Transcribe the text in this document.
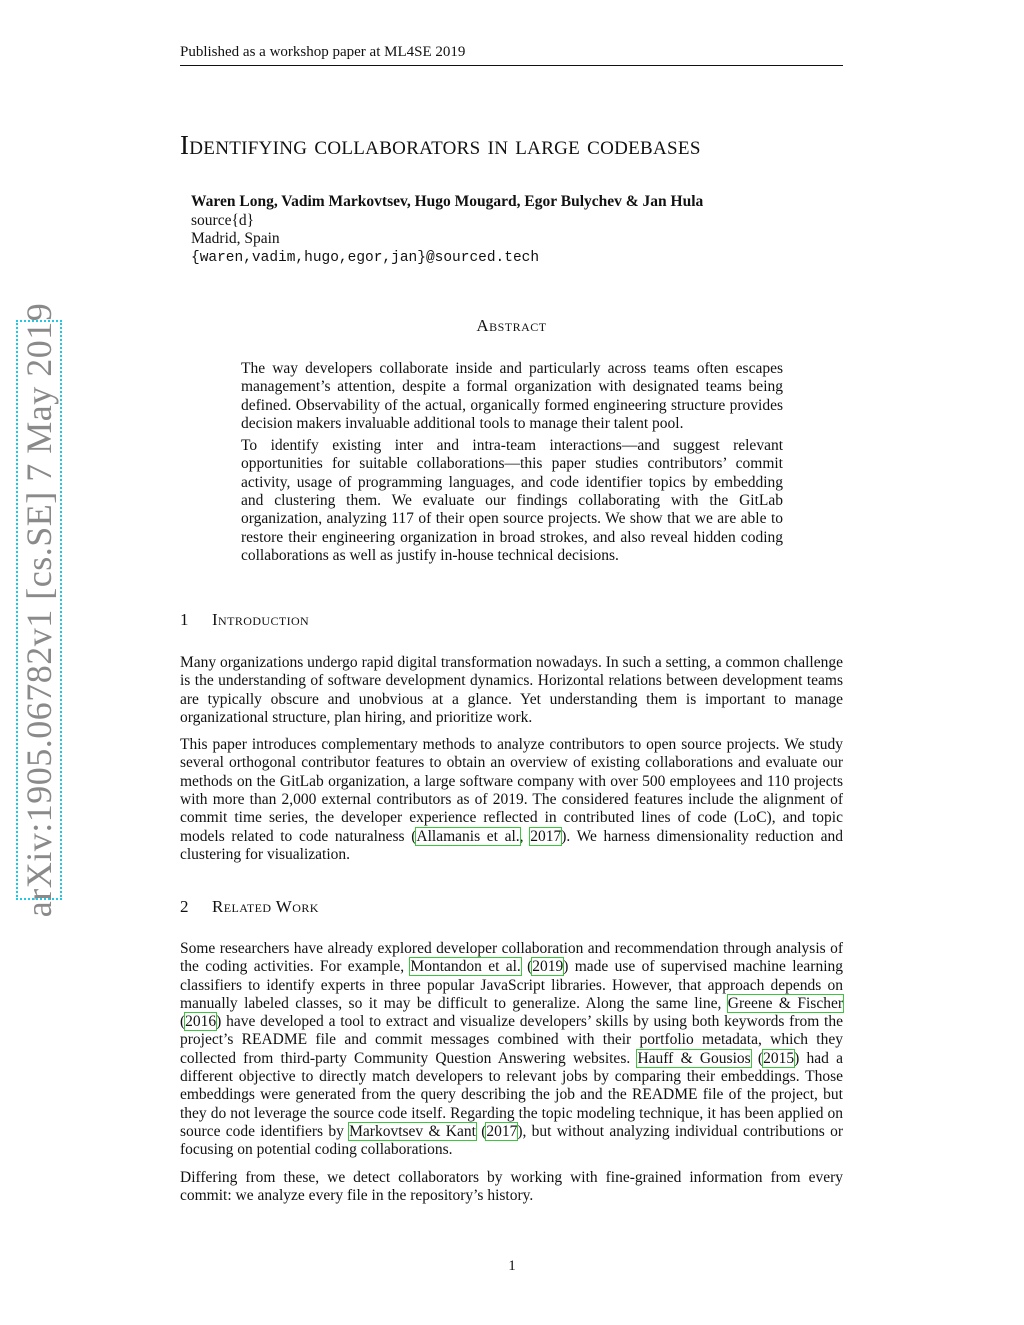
Published as a workshop paper at ML4SE 2019
arXiv:1905.06782v1 [cs.SE] 7 May 2019
Identifying collaborators in large codebases
Waren Long, Vadim Markovtsev, Hugo Mougard, Egor Bulychev & Jan Hula
source{d}
Madrid, Spain
{waren,vadim,hugo,egor,jan}@sourced.tech
Abstract

The way developers collaborate inside and particularly across teams often escapes management’s attention, despite a formal organization with designated teams being defined. Observability of the actual, organically formed engineering structure provides decision makers invaluable additional tools to manage their talent pool.

To identify existing inter and intra-team interactions—and suggest relevant opportunities for suitable collaborations—this paper studies contributors’ commit activity, usage of programming languages, and code identifier topics by embedding and clustering them. We evaluate our findings collaborating with the GitLab organization, analyzing 117 of their open source projects. We show that we are able to restore their engineering organization in broad strokes, and also reveal hidden coding collaborations as well as justify in-house technical decisions.

1 Introduction

Many organizations undergo rapid digital transformation nowadays. In such a setting, a common challenge is the understanding of software development dynamics. Horizontal relations between development teams are typically obscure and unobvious at a glance. Yet understanding them is important to manage organizational structure, plan hiring, and prioritize work.

This paper introduces complementary methods to analyze contributors to open source projects. We study several orthogonal contributor features to obtain an overview of existing collaborations and evaluate our methods on the GitLab organization, a large software company with over 500 employees and 110 projects with more than 2,000 external contributors as of 2019. The considered features include the alignment of commit time series, the developer experience reflected in contributed lines of code (LoC), and topic models related to code naturalness (Allamanis et al., 2017). We harness dimensionality reduction and clustering for visualization.

2 Related Work

Some researchers have already explored developer collaboration and recommendation through analysis of the coding activities. For example, Montandon et al. (2019) made use of supervised machine learning classifiers to identify experts in three popular JavaScript libraries. However, that approach depends on manually labeled classes, so it may be difficult to generalize. Along the same line, Greene & Fischer (2016) have developed a tool to extract and visualize developers’ skills by using both keywords from the project’s README file and commit messages combined with their portfolio metadata, which they collected from third-party Community Question Answering websites. Hauff & Gousios (2015) had a different objective to directly match developers to relevant jobs by comparing their embeddings. Those embeddings were generated from the query describing the job and the README file of the project, but they do not leverage the source code itself. Regarding the topic modeling technique, it has been applied on source code identifiers by Markovtsev & Kant (2017), but without analyzing individual contributions or focusing on potential coding collaborations.

Differing from these, we detect collaborators by working with fine-grained information from every commit: we analyze every file in the repository’s history.

1
